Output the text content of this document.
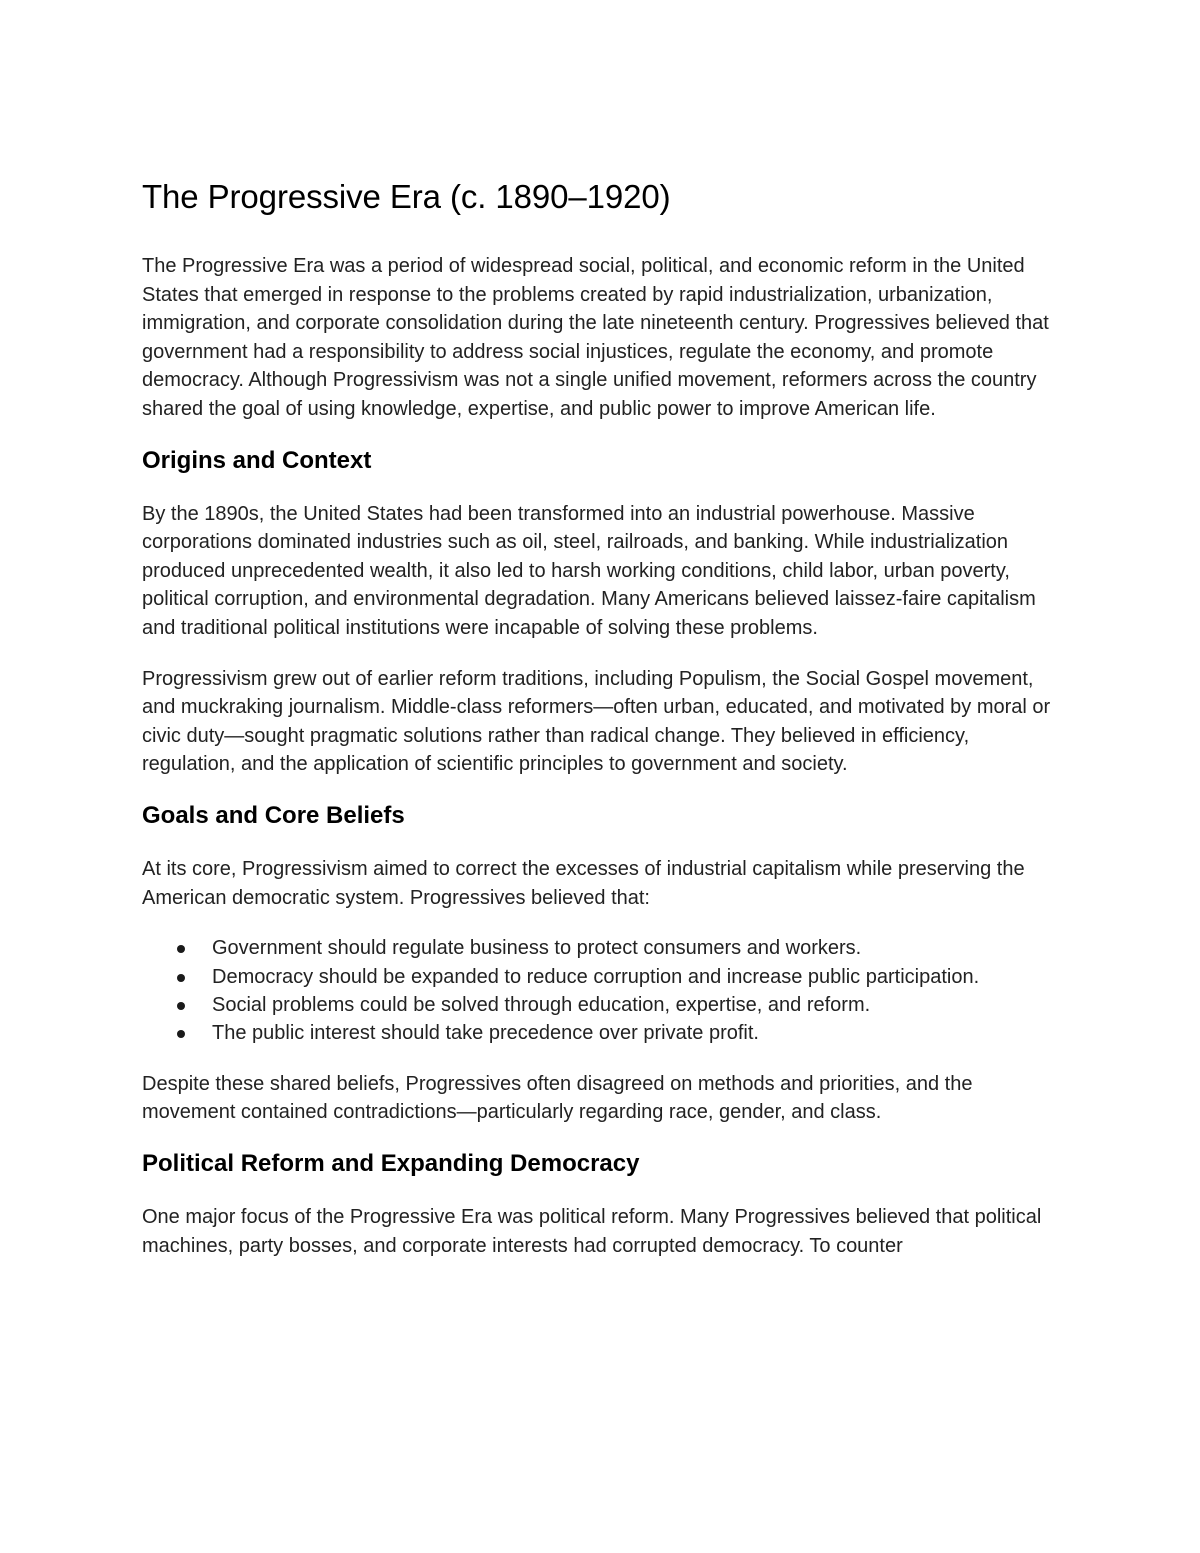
The Progressive Era (c. 1890–1920)

The Progressive Era was a period of widespread social, political, and economic reform in the United States that emerged in response to the problems created by rapid industrialization, urbanization, immigration, and corporate consolidation during the late nineteenth century. Progressives believed that government had a responsibility to address social injustices, regulate the economy, and promote democracy. Although Progressivism was not a single unified movement, reformers across the country shared the goal of using knowledge, expertise, and public power to improve American life.

Origins and Context

By the 1890s, the United States had been transformed into an industrial powerhouse. Massive corporations dominated industries such as oil, steel, railroads, and banking. While industrialization produced unprecedented wealth, it also led to harsh working conditions, child labor, urban poverty, political corruption, and environmental degradation. Many Americans believed laissez-faire capitalism and traditional political institutions were incapable of solving these problems.

Progressivism grew out of earlier reform traditions, including Populism, the Social Gospel movement, and muckraking journalism. Middle-class reformers—often urban, educated, and motivated by moral or civic duty—sought pragmatic solutions rather than radical change. They believed in efficiency, regulation, and the application of scientific principles to government and society.

Goals and Core Beliefs

At its core, Progressivism aimed to correct the excesses of industrial capitalism while preserving the American democratic system. Progressives believed that:

Government should regulate business to protect consumers and workers.
Democracy should be expanded to reduce corruption and increase public participation.
Social problems could be solved through education, expertise, and reform.
The public interest should take precedence over private profit.

Despite these shared beliefs, Progressives often disagreed on methods and priorities, and the movement contained contradictions—particularly regarding race, gender, and class.

Political Reform and Expanding Democracy

One major focus of the Progressive Era was political reform. Many Progressives believed that political machines, party bosses, and corporate interests had corrupted democracy. To counter
